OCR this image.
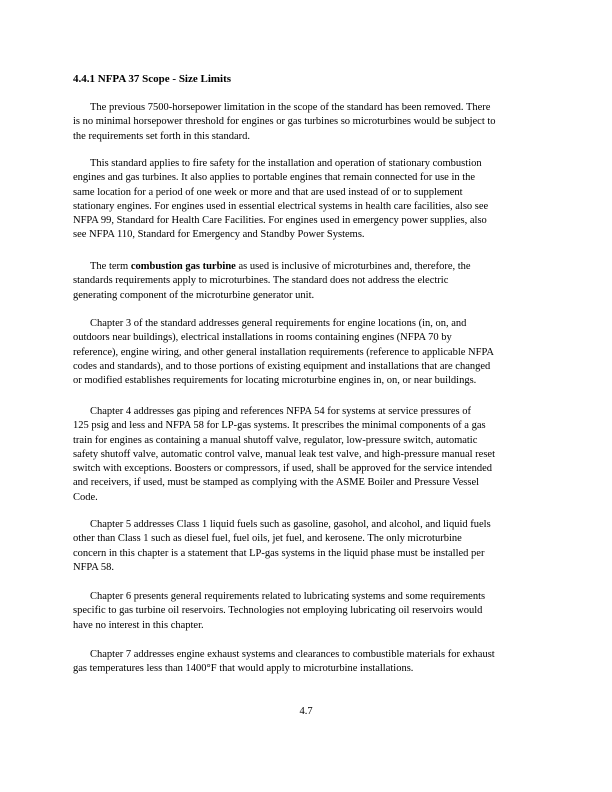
4.4.1 NFPA 37 Scope - Size Limits

The previous 7500-horsepower limitation in the scope of the standard has been removed. There
is no minimal horsepower threshold for engines or gas turbines so microturbines would be subject to
the requirements set forth in this standard.

This standard applies to fire safety for the installation and operation of stationary combustion
engines and gas turbines. It also applies to portable engines that remain connected for use in the
same location for a period of one week or more and that are used instead of or to supplement
stationary engines. For engines used in essential electrical systems in health care facilities, also see
NFPA 99, Standard for Health Care Facilities. For engines used in emergency power supplies, also
see NFPA 110, Standard for Emergency and Standby Power Systems.

The term combustion gas turbine as used is inclusive of microturbines and, therefore, the
standards requirements apply to microturbines. The standard does not address the electric
generating component of the microturbine generator unit.

Chapter 3 of the standard addresses general requirements for engine locations (in, on, and
outdoors near buildings), electrical installations in rooms containing engines (NFPA 70 by
reference), engine wiring, and other general installation requirements (reference to applicable NFPA
codes and standards), and to those portions of existing equipment and installations that are changed
or modified establishes requirements for locating microturbine engines in, on, or near buildings.

Chapter 4 addresses gas piping and references NFPA 54 for systems at service pressures of
125 psig and less and NFPA 58 for LP-gas systems. It prescribes the minimal components of a gas
train for engines as containing a manual shutoff valve, regulator, low-pressure switch, automatic
safety shutoff valve, automatic control valve, manual leak test valve, and high-pressure manual reset
switch with exceptions. Boosters or compressors, if used, shall be approved for the service intended
and receivers, if used, must be stamped as complying with the ASME Boiler and Pressure Vessel
Code.

Chapter 5 addresses Class 1 liquid fuels such as gasoline, gasohol, and alcohol, and liquid fuels
other than Class 1 such as diesel fuel, fuel oils, jet fuel, and kerosene. The only microturbine
concern in this chapter is a statement that LP-gas systems in the liquid phase must be installed per
NFPA 58.

Chapter 6 presents general requirements related to lubricating systems and some requirements
specific to gas turbine oil reservoirs. Technologies not employing lubricating oil reservoirs would
have no interest in this chapter.

Chapter 7 addresses engine exhaust systems and clearances to combustible materials for exhaust
gas temperatures less than 1400°F that would apply to microturbine installations.

4.7
